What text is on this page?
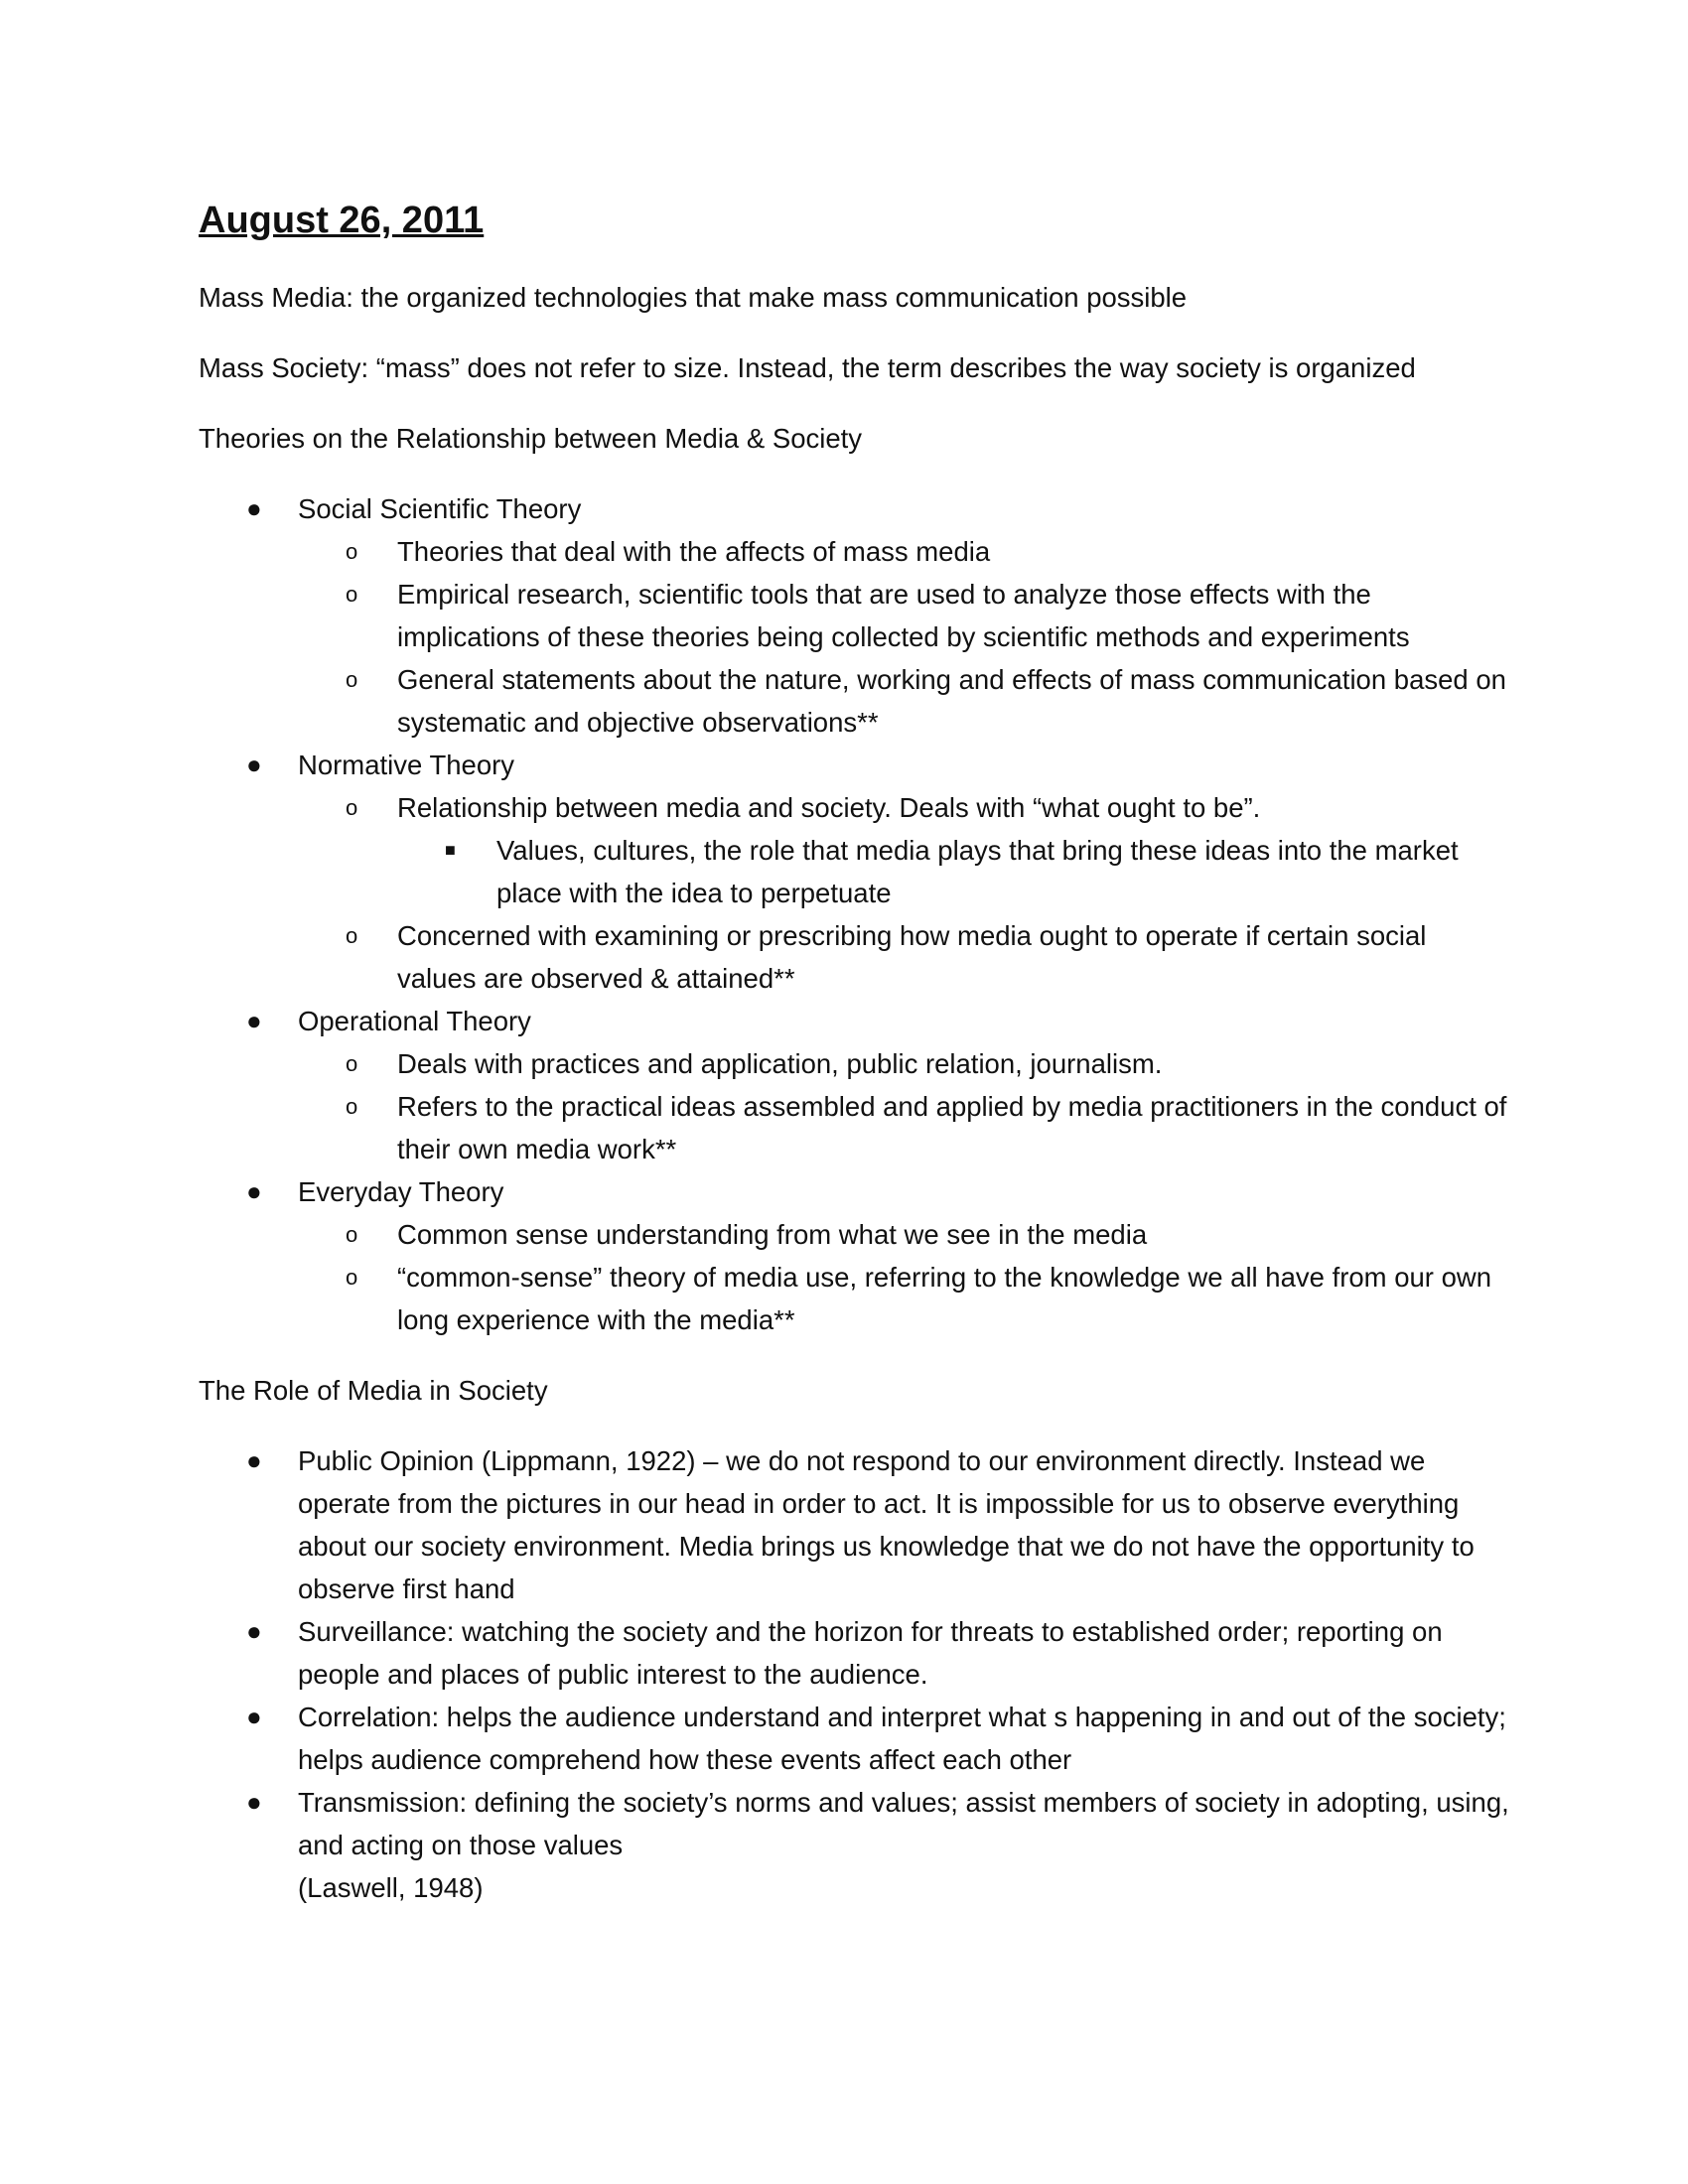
August 26, 2011

Mass Media: the organized technologies that make mass communication possible

Mass Society: “mass” does not refer to size. Instead, the term describes the way society is organized

Theories on the Relationship between Media & Society

● Social Scientific Theory
o Theories that deal with the affects of mass media
o Empirical research, scientific tools that are used to analyze those effects with the implications of these theories being collected by scientific methods and experiments
o General statements about the nature, working and effects of mass communication based on systematic and objective observations**
● Normative Theory
o Relationship between media and society. Deals with “what ought to be”.
■ Values, cultures, the role that media plays that bring these ideas into the market place with the idea to perpetuate
o Concerned with examining or prescribing how media ought to operate if certain social values are observed & attained**
● Operational Theory
o Deals with practices and application, public relation, journalism.
o Refers to the practical ideas assembled and applied by media practitioners in the conduct of their own media work**
● Everyday Theory
o Common sense understanding from what we see in the media
o “common-sense” theory of media use, referring to the knowledge we all have from our own long experience with the media**

The Role of Media in Society

● Public Opinion (Lippmann, 1922) – we do not respond to our environment directly. Instead we operate from the pictures in our head in order to act. It is impossible for us to observe everything about our society environment. Media brings us knowledge that we do not have the opportunity to observe first hand
● Surveillance: watching the society and the horizon for threats to established order; reporting on people and places of public interest to the audience.
● Correlation: helps the audience understand and interpret what s happening in and out of the society; helps audience comprehend how these events affect each other
● Transmission: defining the society’s norms and values; assist members of society in adopting, using, and acting on those values
(Laswell, 1948)
